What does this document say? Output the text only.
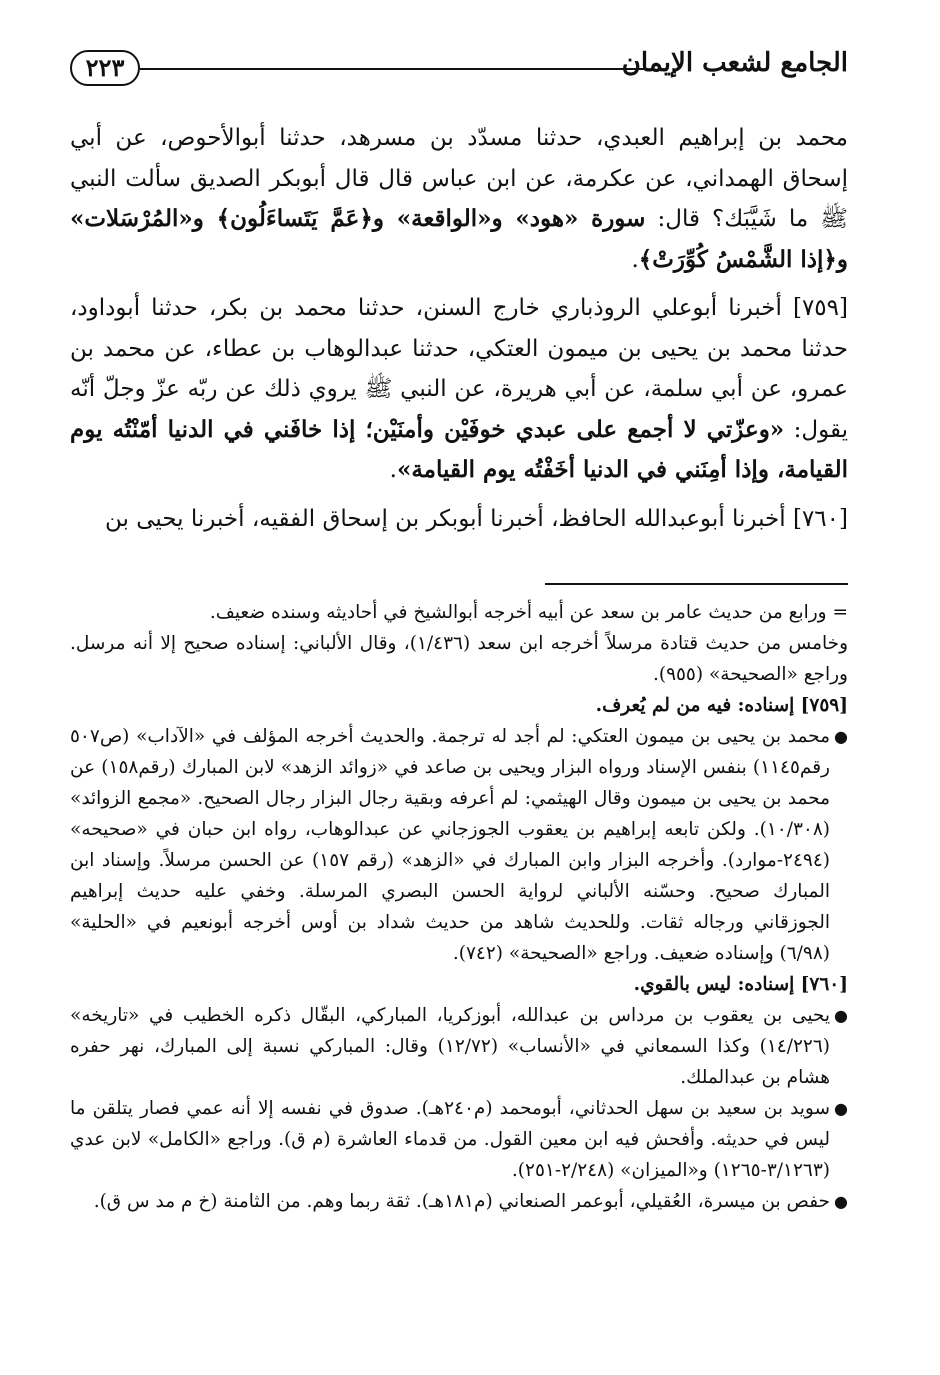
٢٢٣	الجامع لشعب الإيمان

محمد بن إبراهيم العبدي، حدثنا مسدّد بن مسرهد، حدثنا أبوالأحوص، عن أبي إسحاق الهمداني، عن عكرمة، عن ابن عباس قال قال أبوبكر الصديق سألت النبي ﷺ ما شَيَّبَك؟ قال: سورة «هود» و«الواقعة» و﴿عَمَّ يَتَساءَلُون﴾ و«المُرْسَلات» و﴿إذا الشَّمْسُ كُوِّرَتْ﴾.

[٧٥٩] أخبرنا أبوعلي الروذباري خارج السنن، حدثنا محمد بن بكر، حدثنا أبوداود، حدثنا محمد بن يحيى بن ميمون العتكي، حدثنا عبدالوهاب بن عطاء، عن محمد بن عمرو، عن أبي سلمة، عن أبي هريرة، عن النبي ﷺ يروي ذلك عن ربّه عزّ وجلّ أنّه يقول: «وعزّتي لا أجمع على عبدي خوفَيْن وأمنَيْن؛ إذا خافَني في الدنيا أمّنْتُه يوم القيامة، وإذا أمِنَني في الدنيا أخَفْتُه يوم القيامة».

[٧٦٠] أخبرنا أبوعبدالله الحافظ، أخبرنا أبوبكر بن إسحاق الفقيه، أخبرنا يحيى بن

= ورابع من حديث عامر بن سعد عن أبيه أخرجه أبوالشيخ في أحاديثه وسنده ضعيف.

وخامس من حديث قتادة مرسلاً أخرجه ابن سعد (١/٤٣٦)، وقال الألباني: إسناده صحيح إلا أنه مرسل. وراجع «الصحيحة» (٩٥٥).

[٧٥٩] إسناده: فيه من لم يُعرف.

●
محمد بن يحيى بن ميمون العتكي: لم أجد له ترجمة. والحديث أخرجه المؤلف في «الآداب» (ص٥٠٧ رقم١١٤٥) بنفس الإسناد ورواه البزار ويحيى بن صاعد في «زوائد الزهد» لابن المبارك (رقم١٥٨) عن محمد بن يحيى بن ميمون وقال الهيثمي: لم أعرفه وبقية رجال البزار رجال الصحيح. «مجمع الزوائد» (١٠/٣٠٨). ولكن تابعه إبراهيم بن يعقوب الجوزجاني عن عبدالوهاب، رواه ابن حبان في «صحيحه» (٢٤٩٤-موارد). وأخرجه البزار وابن المبارك في «الزهد» (رقم ١٥٧) عن الحسن مرسلاً. وإسناد ابن المبارك صحيح. وحسّنه الألباني لرواية الحسن البصري المرسلة. وخفي عليه حديث إبراهيم الجوزقاني ورجاله ثقات. وللحديث شاهد من حديث شداد بن أوس أخرجه أبونعيم في «الحلية» (٦/٩٨) وإسناده ضعيف. وراجع «الصحيحة» (٧٤٢).

[٧٦٠] إسناده: ليس بالقوي.

●
يحيى بن يعقوب بن مرداس بن عبدالله، أبوزكريا، المباركي، البقّال ذكره الخطيب في «تاريخه» (١٤/٢٢٦) وكذا السمعاني في «الأنساب» (١٢/٧٢) وقال: المباركي نسبة إلى المبارك، نهر حفره هشام بن عبدالملك.
●
سويد بن سعيد بن سهل الحدثاني، أبومحمد (م٢٤٠هـ). صدوق في نفسه إلا أنه عمي فصار يتلقن ما ليس في حديثه. وأفحش فيه ابن معين القول. من قدماء العاشرة (م ق). وراجع «الكامل» لابن عدي (٣/١٢٦٣-١٢٦٥) و«الميزان» (٢/٢٤٨-٢٥١).
●
حفص بن ميسرة، العُقيلي، أبوعمر الصنعاني (م١٨١هـ). ثقة ربما وهم. من الثامنة (خ م مد س ق).
